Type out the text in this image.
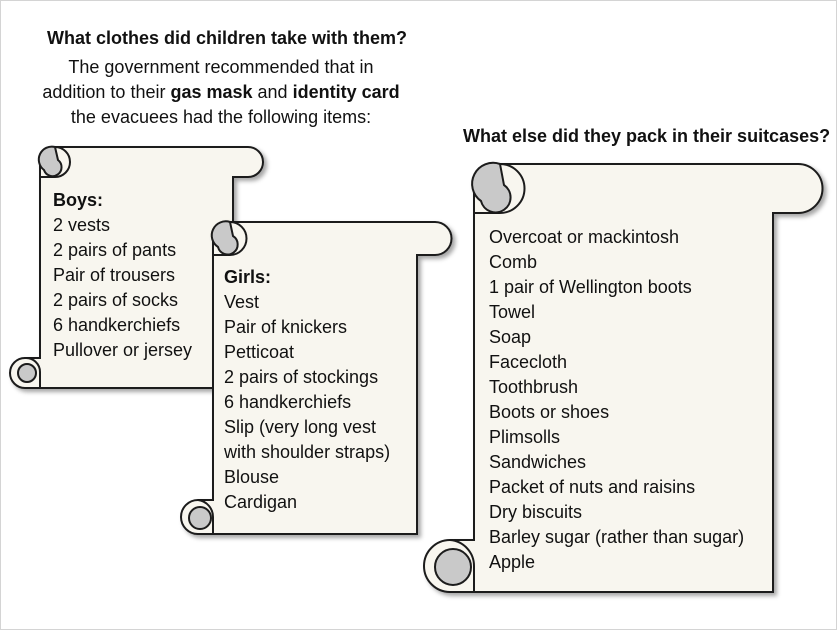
What clothes did children take with them?
The government recommended that in
addition to their gas mask and identity card
the evacuees had the following items:
What else did they pack in their suitcases?
Boys:
2 vests
2 pairs of pants
Pair of trousers
2 pairs of socks
6 handkerchiefs
Pullover or jersey
Girls:
Vest
Pair of knickers
Petticoat
2 pairs of stockings
6 handkerchiefs
Slip (very long vest
with shoulder straps)
Blouse
Cardigan
Overcoat or mackintosh
Comb
1 pair of Wellington boots
Towel
Soap
Facecloth
Toothbrush
Boots or shoes
Plimsolls
Sandwiches
Packet of nuts and raisins
Dry biscuits
Barley sugar (rather than sugar)
Apple
